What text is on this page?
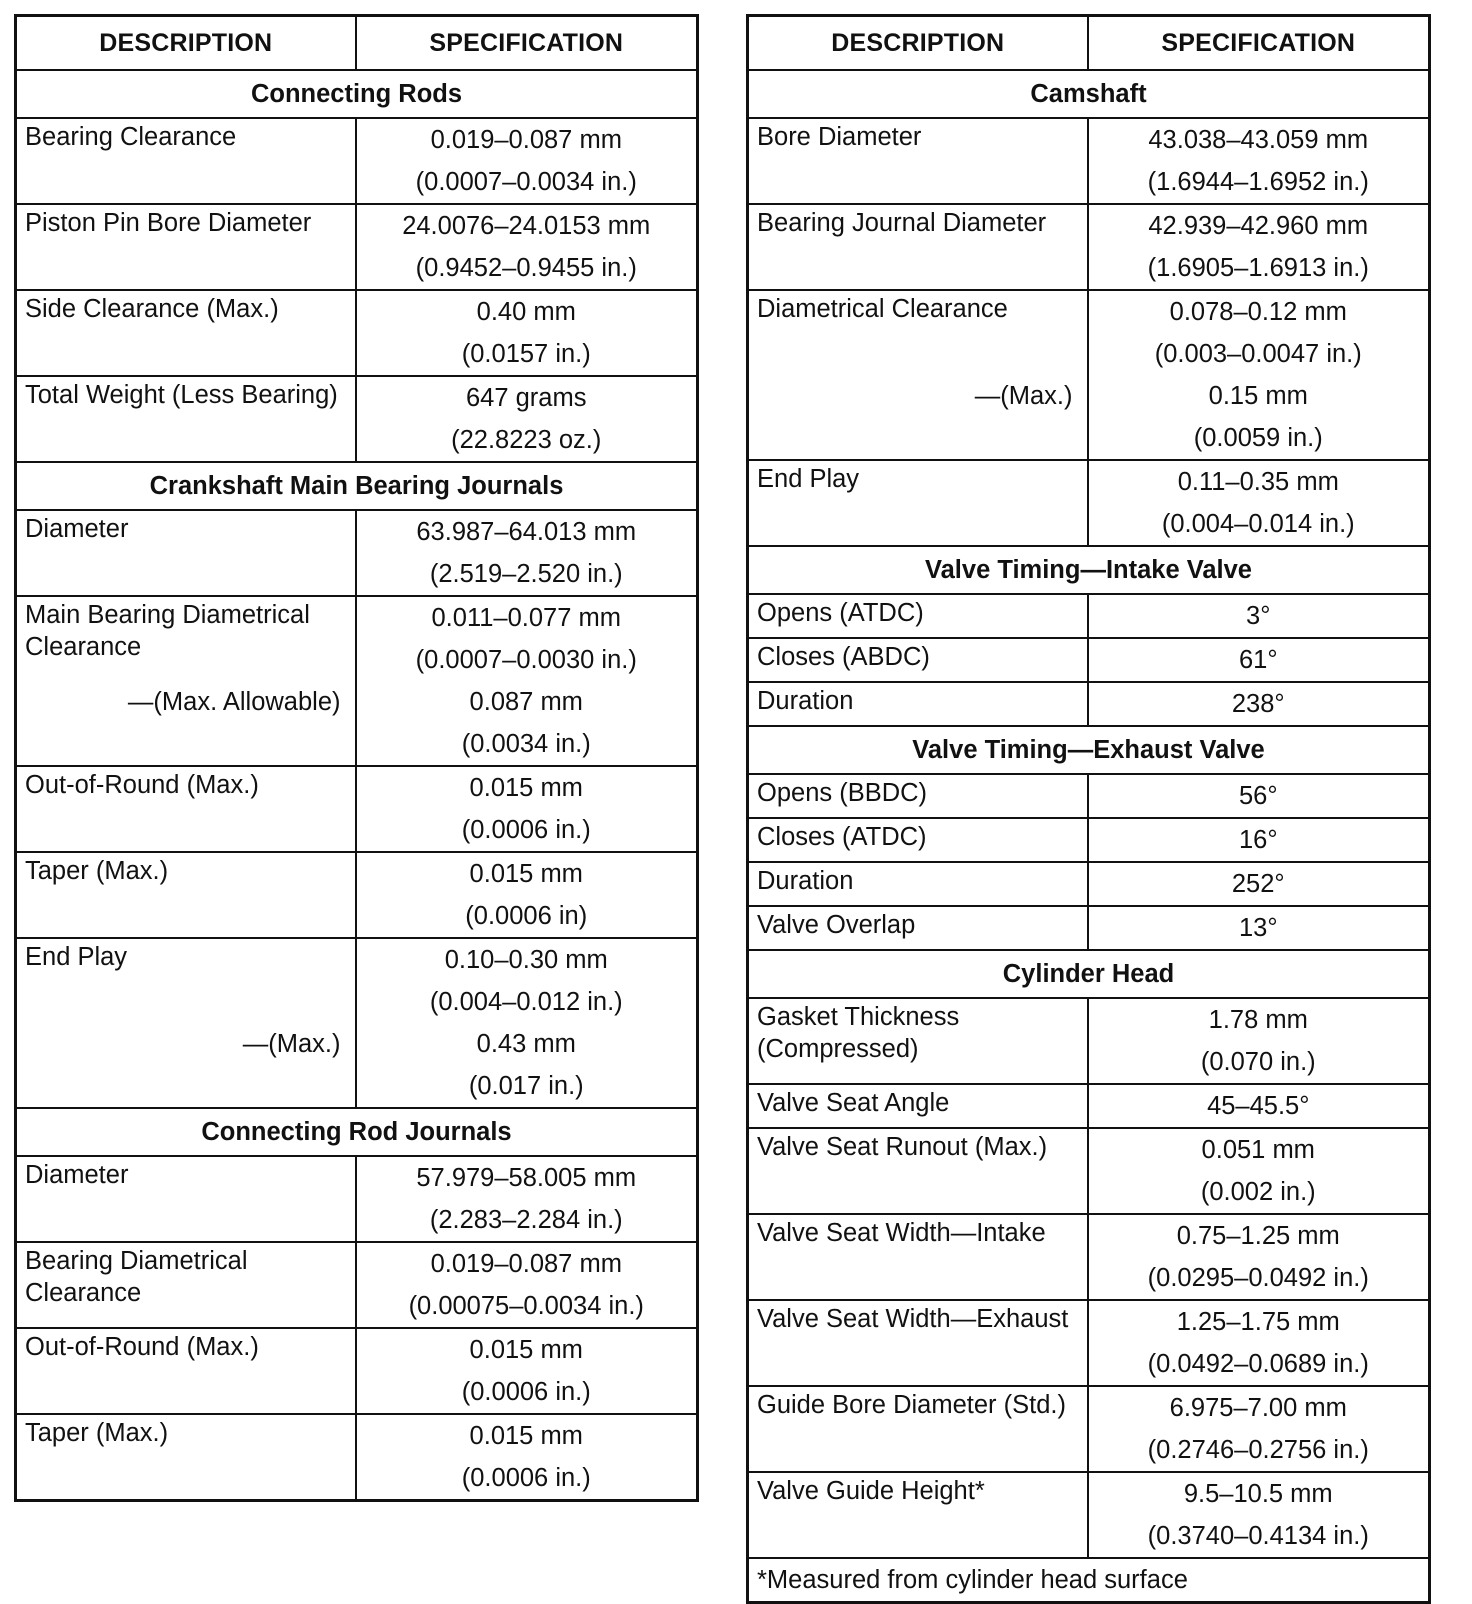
DESCRIPTION	SPECIFICATION
Connecting Rods	

Bearing Clearance	0.019–0.087 mm
(0.0007–0.0034 in.)

Piston Pin Bore Diameter	24.0076–24.0153 mm
(0.9452–0.9455 in.)

Side Clearance (Max.)	0.40 mm
(0.0157 in.)

Total Weight (Less Bearing)	647 grams
(22.8223 oz.)

Crankshaft Main Bearing Journals	

Diameter	63.987–64.013 mm
(2.519–2.520 in.)

Main Bearing Diametrical Clearance
—(Max. Allowable)	0.011–0.077 mm
(0.0007–0.0030 in.)
0.087 mm
(0.0034 in.)

Out-of-Round (Max.)	0.015 mm
(0.0006 in.)

Taper (Max.)	0.015 mm
(0.0006 in)

End Play
—(Max.)	0.10–0.30 mm
(0.004–0.012 in.)
0.43 mm
(0.017 in.)

Connecting Rod Journals	

Diameter	57.979–58.005 mm
(2.283–2.284 in.)

Bearing Diametrical Clearance	0.019–0.087 mm
(0.00075–0.0034 in.)

Out-of-Round (Max.)	0.015 mm
(0.0006 in.)

Taper (Max.)	0.015 mm
(0.0006 in.)
DESCRIPTION	SPECIFICATION
Camshaft	

Bore Diameter	43.038–43.059 mm
(1.6944–1.6952 in.)

Bearing Journal Diameter	42.939–42.960 mm
(1.6905–1.6913 in.)

Diametrical Clearance
—(Max.)	0.078–0.12 mm
(0.003–0.0047 in.)
0.15 mm
(0.0059 in.)

End Play	0.11–0.35 mm
(0.004–0.014 in.)

Valve Timing—Intake Valve	

Opens (ATDC)	3°

Closes (ABDC)	61°

Duration	238°

Valve Timing—Exhaust Valve	

Opens (BBDC)	56°

Closes (ATDC)	16°

Duration	252°

Valve Overlap	13°

Cylinder Head	

Gasket Thickness (Compressed)	1.78 mm
(0.070 in.)

Valve Seat Angle	45–45.5°

Valve Seat Runout (Max.)	0.051 mm
(0.002 in.)

Valve Seat Width—Intake	0.75–1.25 mm
(0.0295–0.0492 in.)

Valve Seat Width—Exhaust	1.25–1.75 mm
(0.0492–0.0689 in.)

Guide Bore Diameter (Std.)	6.975–7.00 mm
(0.2746–0.2756 in.)

Valve Guide Height*	9.5–10.5 mm
(0.3740–0.4134 in.)

*Measured from cylinder head surface	
